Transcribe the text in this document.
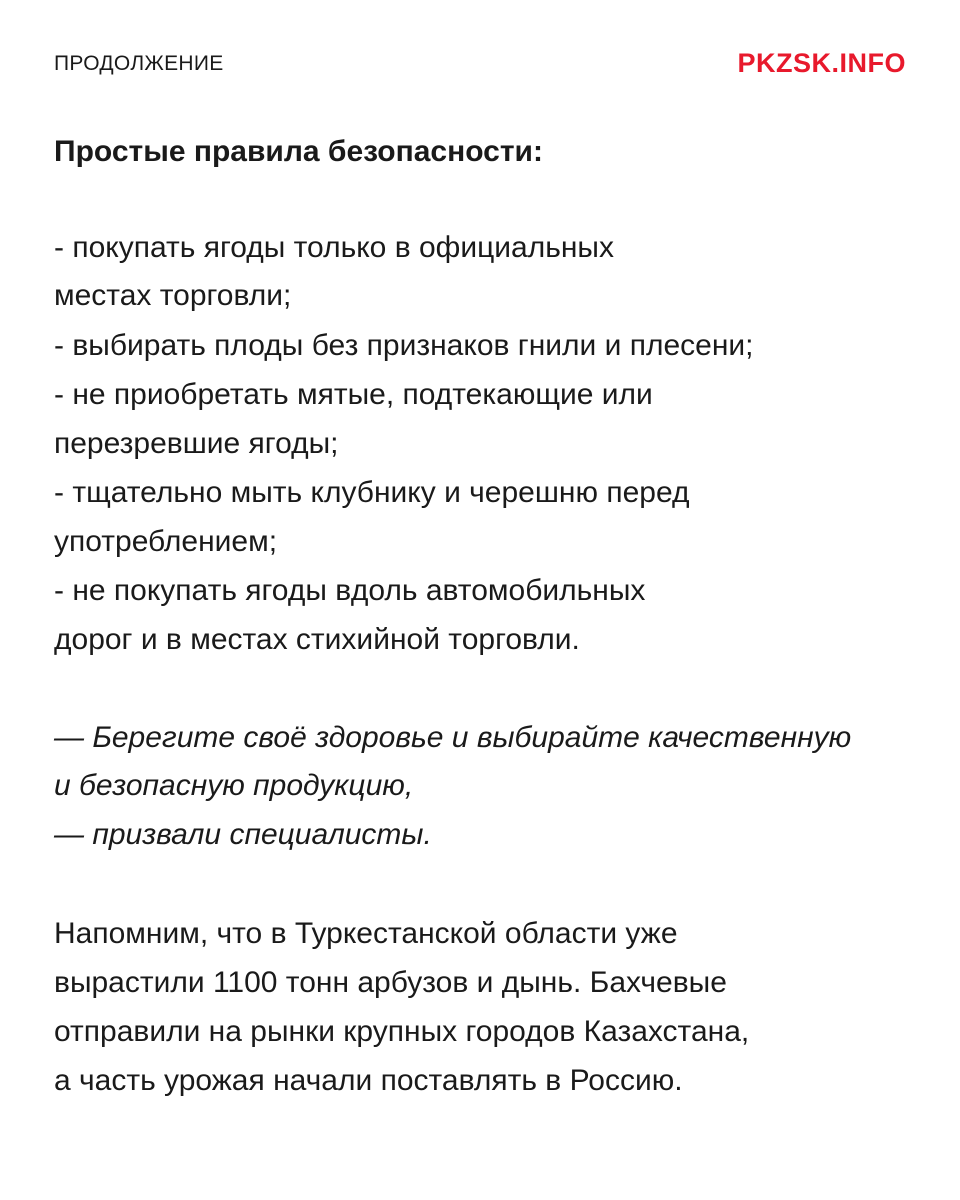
ПРОДОЛЖЕНИЕ	PKZSK.INFO
Простые правила безопасности:
- покупать ягоды только в официальных
местах торговли;
- выбирать плоды без признаков гнили и плесени;
- не приобретать мятые, подтекающие или
перезревшие ягоды;
- тщательно мыть клубнику и черешню перед
употреблением;
- не покупать ягоды вдоль автомобильных
дорог и в местах стихийной торговли.
— Берегите своё здоровье и выбирайте качественную
и безопасную продукцию,
— призвали специалисты.
Напомним, что в Туркестанской области уже
вырастили 1100 тонн арбузов и дынь. Бахчевые
отправили на рынки крупных городов Казахстана,
а часть урожая начали поставлять в Россию.
